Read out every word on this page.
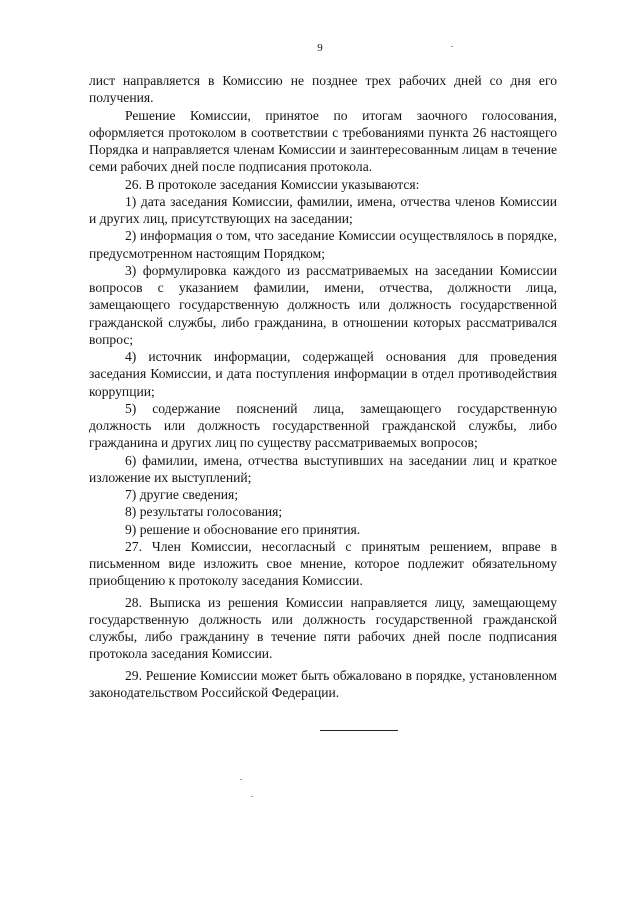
9

лист направляется в Комиссию не позднее трех рабочих дней со дня его получения.

Решение Комиссии, принятое по итогам заочного голосования, оформляется протоколом в соответствии с требованиями пункта 26 настоящего Порядка и направляется членам Комиссии и заинтересованным лицам в течение семи рабочих дней после подписания протокола.

26. В протоколе заседания Комиссии указываются:

1) дата заседания Комиссии, фамилии, имена, отчества членов Комиссии и других лиц, присутствующих на заседании;

2) информация о том, что заседание Комиссии осуществлялось в порядке, предусмотренном настоящим Порядком;

3) формулировка каждого из рассматриваемых на заседании Комиссии вопросов с указанием фамилии, имени, отчества, должности лица, замещающего государственную должность или должность государственной гражданской службы, либо гражданина, в отношении которых рассматривался вопрос;

4) источник информации, содержащей основания для проведения заседания Комиссии, и дата поступления информации в отдел противодействия коррупции;

5) содержание пояснений лица, замещающего государственную должность или должность государственной гражданской службы, либо гражданина и других лиц по существу рассматриваемых вопросов;

6) фамилии, имена, отчества выступивших на заседании лиц и краткое изложение их выступлений;

7) другие сведения;

8) результаты голосования;

9) решение и обоснование его принятия.

27. Член Комиссии, несогласный с принятым решением, вправе в письменном виде изложить свое мнение, которое подлежит обязательному приобщению к протоколу заседания Комиссии.

28. Выписка из решения Комиссии направляется лицу, замещающему государственную должность или должность государственной гражданской службы, либо гражданину в течение пяти рабочих дней после подписания протокола заседания Комиссии.

29. Решение Комиссии может быть обжаловано в порядке, установленном законодательством Российской Федерации.
